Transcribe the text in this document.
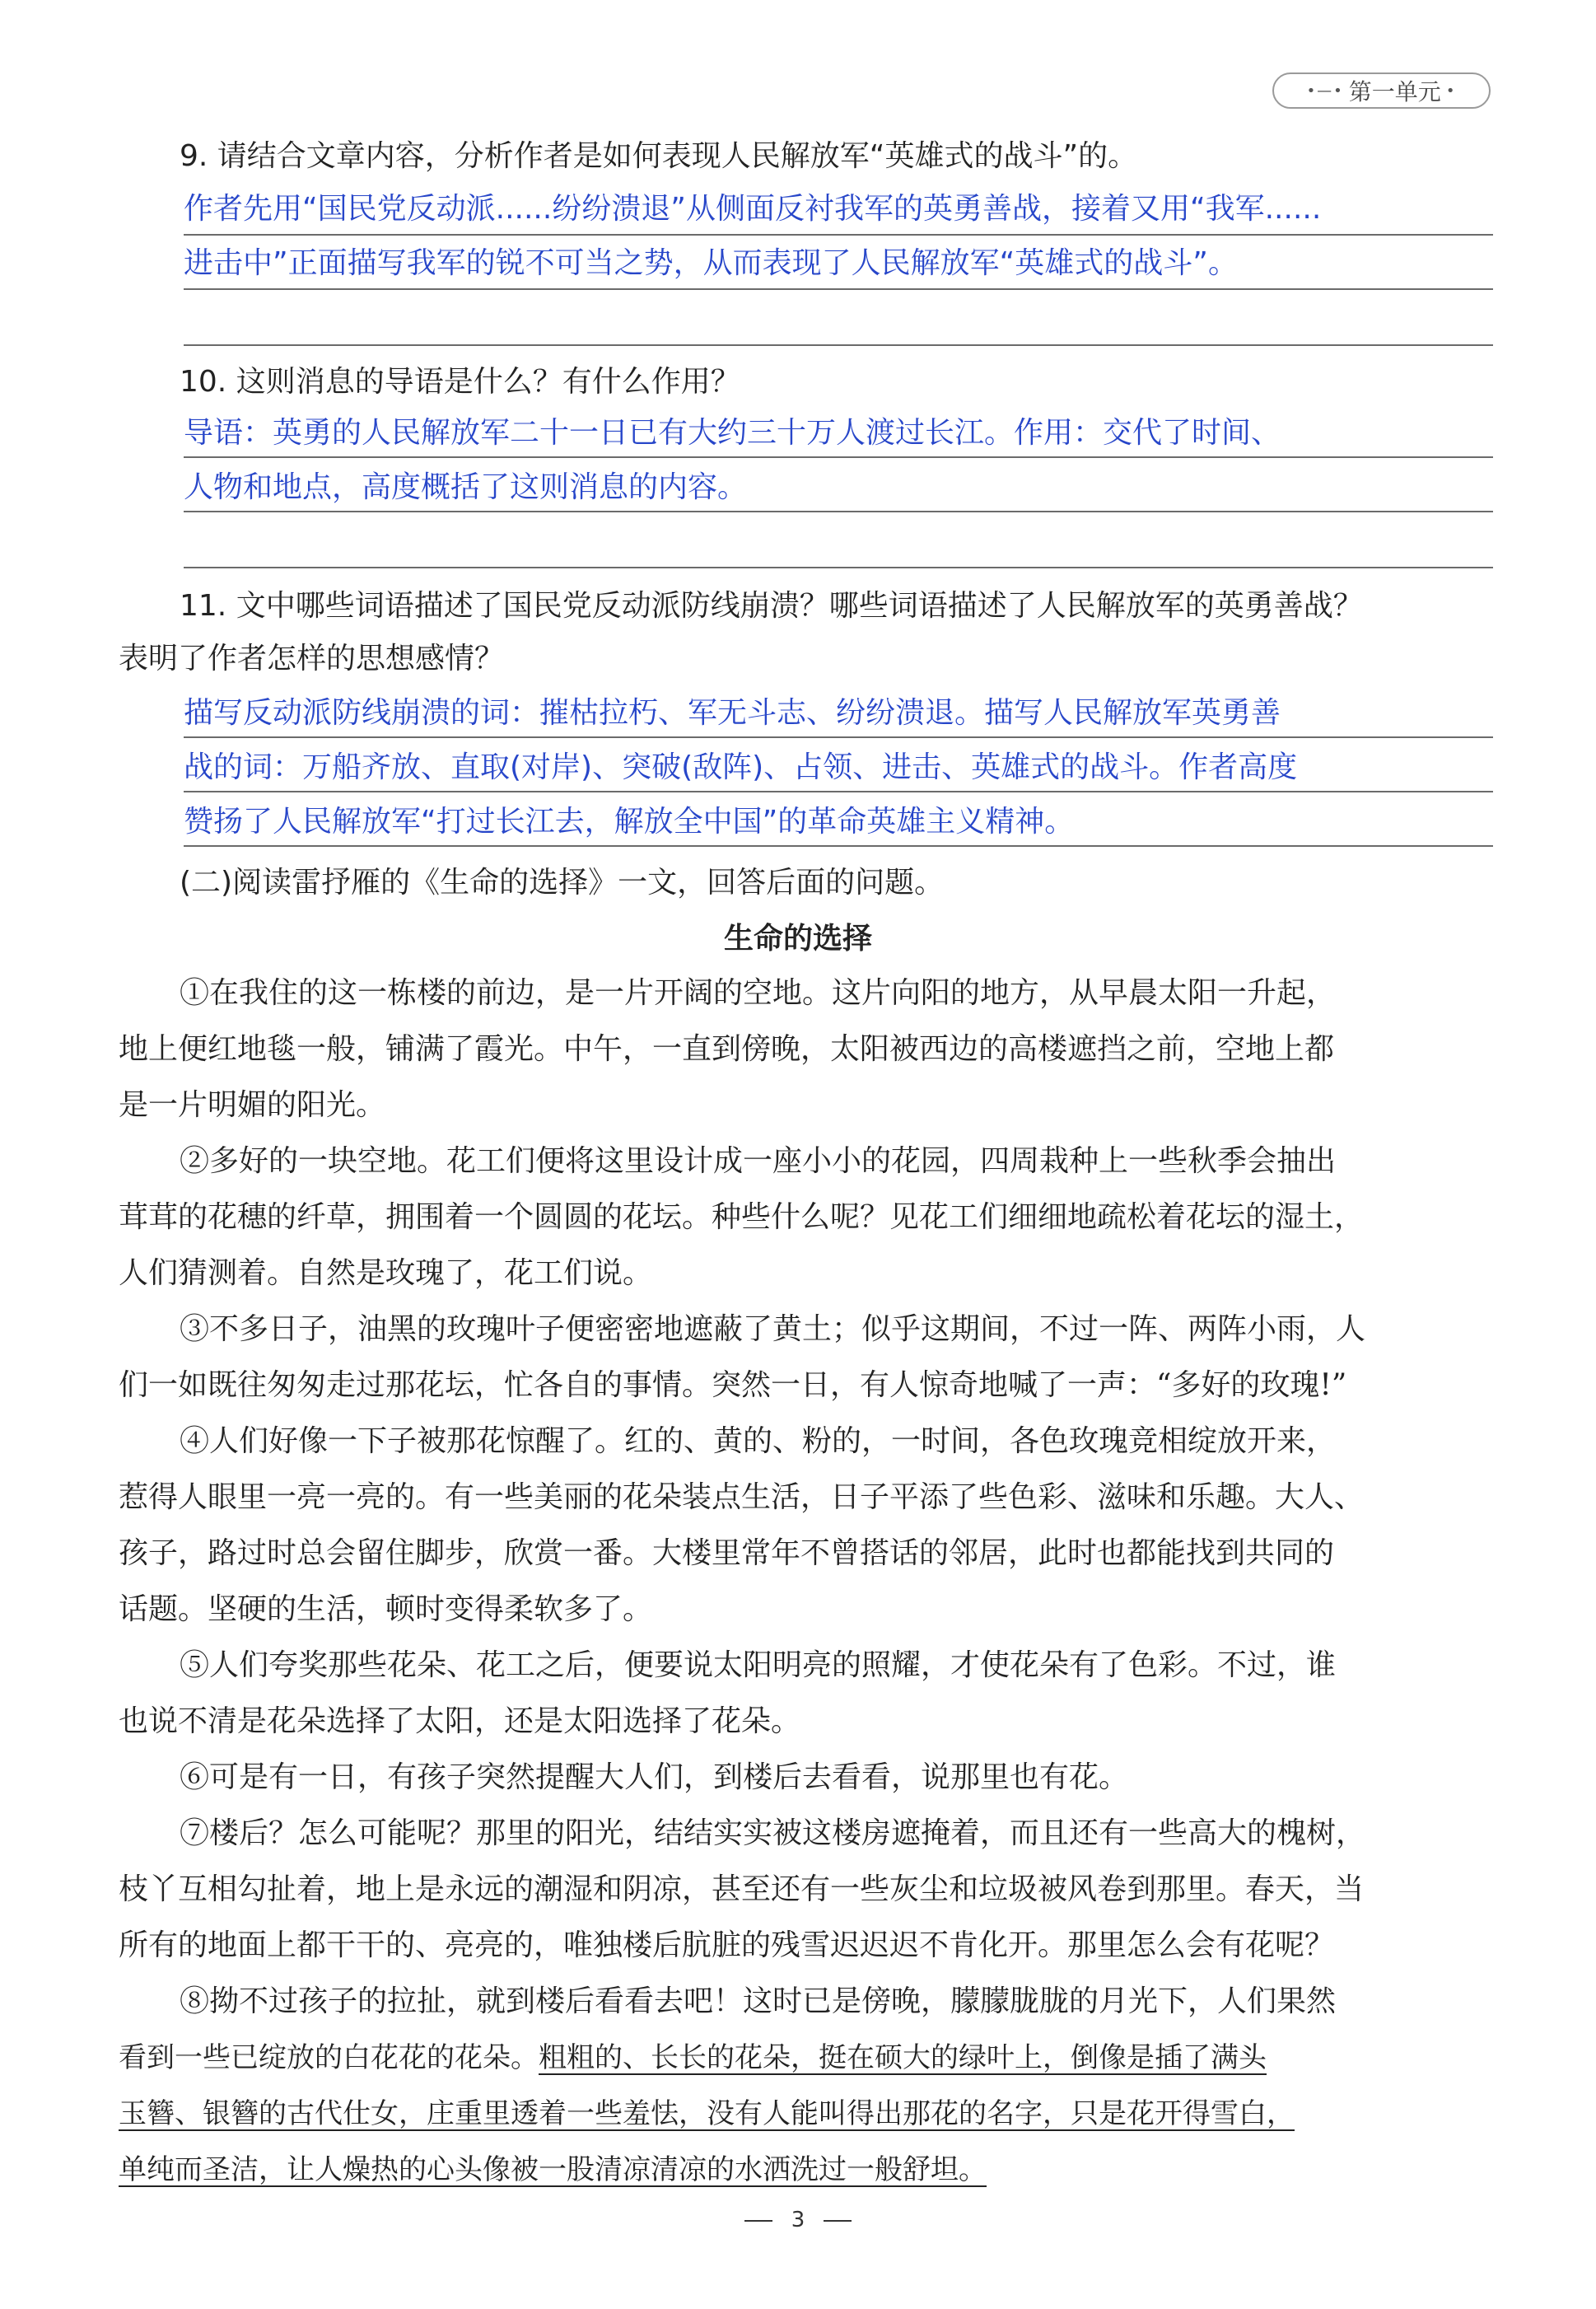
•—• 第一单元 •
9. 请结合文章内容，分析作者是如何表现人民解放军“英雄式的战斗”的。
作者先用“国民党反动派......纷纷溃退”从侧面反衬我军的英勇善战，接着又用“我军......
进击中”正面描写我军的锐不可当之势，从而表现了人民解放军“英雄式的战斗”。
10. 这则消息的导语是什么？有什么作用？
导语：英勇的人民解放军二十一日已有大约三十万人渡过长江。作用：交代了时间、
人物和地点，高度概括了这则消息的内容。
11. 文中哪些词语描述了国民党反动派防线崩溃？哪些词语描述了人民解放军的英勇善战？
表明了作者怎样的思想感情？
描写反动派防线崩溃的词：摧枯拉朽、军无斗志、纷纷溃退。描写人民解放军英勇善
战的词：万船齐放、直取(对岸)、突破(敌阵)、占领、进击、英雄式的战斗。作者高度
赞扬了人民解放军“打过长江去，解放全中国”的革命英雄主义精神。
(二)阅读雷抒雁的《生命的选择》一文，回答后面的问题。
生命的选择
①在我住的这一栋楼的前边，是一片开阔的空地。这片向阳的地方，从早晨太阳一升起，
地上便红地毯一般，铺满了霞光。中午，一直到傍晚，太阳被西边的高楼遮挡之前，空地上都
是一片明媚的阳光。
②多好的一块空地。花工们便将这里设计成一座小小的花园，四周栽种上一些秋季会抽出
茸茸的花穗的纤草，拥围着一个圆圆的花坛。种些什么呢？见花工们细细地疏松着花坛的湿土，
人们猜测着。自然是玫瑰了，花工们说。
③不多日子，油黑的玫瑰叶子便密密地遮蔽了黄土；似乎这期间，不过一阵、两阵小雨，人
们一如既往匆匆走过那花坛，忙各自的事情。突然一日，有人惊奇地喊了一声：“多好的玫瑰!”
④人们好像一下子被那花惊醒了。红的、黄的、粉的，一时间，各色玫瑰竞相绽放开来，
惹得人眼里一亮一亮的。有一些美丽的花朵装点生活，日子平添了些色彩、滋味和乐趣。大人、
孩子，路过时总会留住脚步，欣赏一番。大楼里常年不曾搭话的邻居，此时也都能找到共同的
话题。坚硬的生活，顿时变得柔软多了。
⑤人们夸奖那些花朵、花工之后，便要说太阳明亮的照耀，才使花朵有了色彩。不过，谁
也说不清是花朵选择了太阳，还是太阳选择了花朵。
⑥可是有一日，有孩子突然提醒大人们，到楼后去看看，说那里也有花。
⑦楼后？怎么可能呢？那里的阳光，结结实实被这楼房遮掩着，而且还有一些高大的槐树，
枝丫互相勾扯着，地上是永远的潮湿和阴凉，甚至还有一些灰尘和垃圾被风卷到那里。春天，当
所有的地面上都干干的、亮亮的，唯独楼后肮脏的残雪迟迟迟不肯化开。那里怎么会有花呢？
⑧拗不过孩子的拉扯，就到楼后看看去吧！这时已是傍晚，朦朦胧胧的月光下，人们果然
看到一些已绽放的白花花的花朵。粗粗的、长长的花朵，挺在硕大的绿叶上，倒像是插了满头
玉簪、银簪的古代仕女，庄重里透着一些羞怯，没有人能叫得出那花的名字，只是花开得雪白，
单纯而圣洁，让人燥热的心头像被一股清凉清凉的水洒洗过一般舒坦。
3
